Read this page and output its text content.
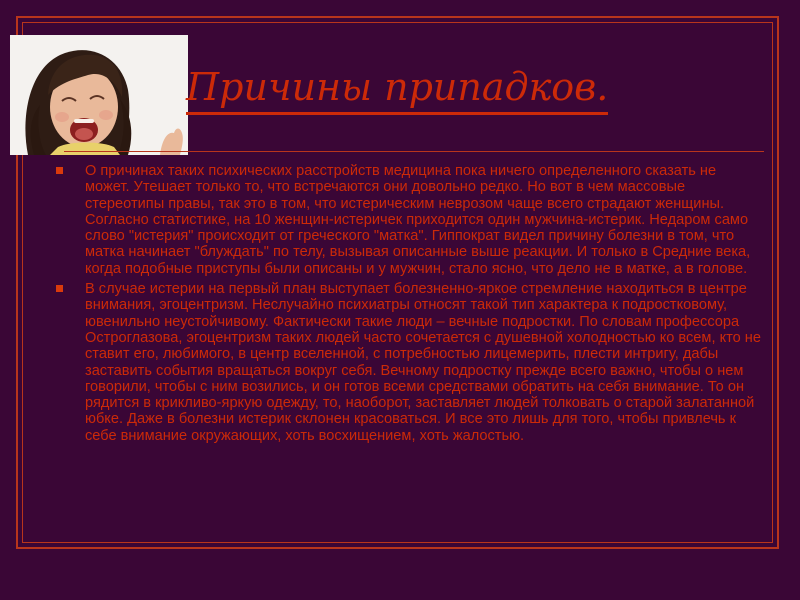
Причины припадков.
О причинах таких психических расстройств медицина пока ничего определенного сказать не может. Утешает только то, что встречаются они довольно редко. Но вот в чем массовые стереотипы правы, так это в том, что истерическим неврозом чаще всего страдают женщины. Согласно статистике, на 10 женщин-истеричек приходится один мужчина-истерик. Недаром само слово "истерия" происходит от греческого "матка". Гиппократ видел причину болезни в том, что матка начинает "блуждать" по телу, вызывая описанные выше реакции. И только в Средние века, когда подобные приступы были описаны и у мужчин, стало ясно, что дело не в матке, а в голове.
В случае истерии на первый план выступает болезненно-яркое стремление находиться в центре внимания, эгоцентризм. Неслучайно психиатры относят такой тип характера к подростковому, ювенильно неустойчивому. Фактически такие люди – вечные подростки. По словам профессора Остроглазова, эгоцентризм таких людей часто сочетается с душевной холодностью ко всем, кто не ставит его, любимого, в центр вселенной, с потребностью лицемерить, плести интригу, дабы заставить события вращаться вокруг себя. Вечному подростку прежде всего важно, чтобы о нем говорили, чтобы с ним возились, и он готов всеми средствами обратить на себя внимание. То он рядится в крикливо-яркую одежду, то, наоборот, заставляет людей толковать о старой залатанной юбке. Даже в болезни истерик склонен красоваться. И все это лишь для того, чтобы привлечь к себе внимание окружающих, хоть восхищением, хоть жалостью.
